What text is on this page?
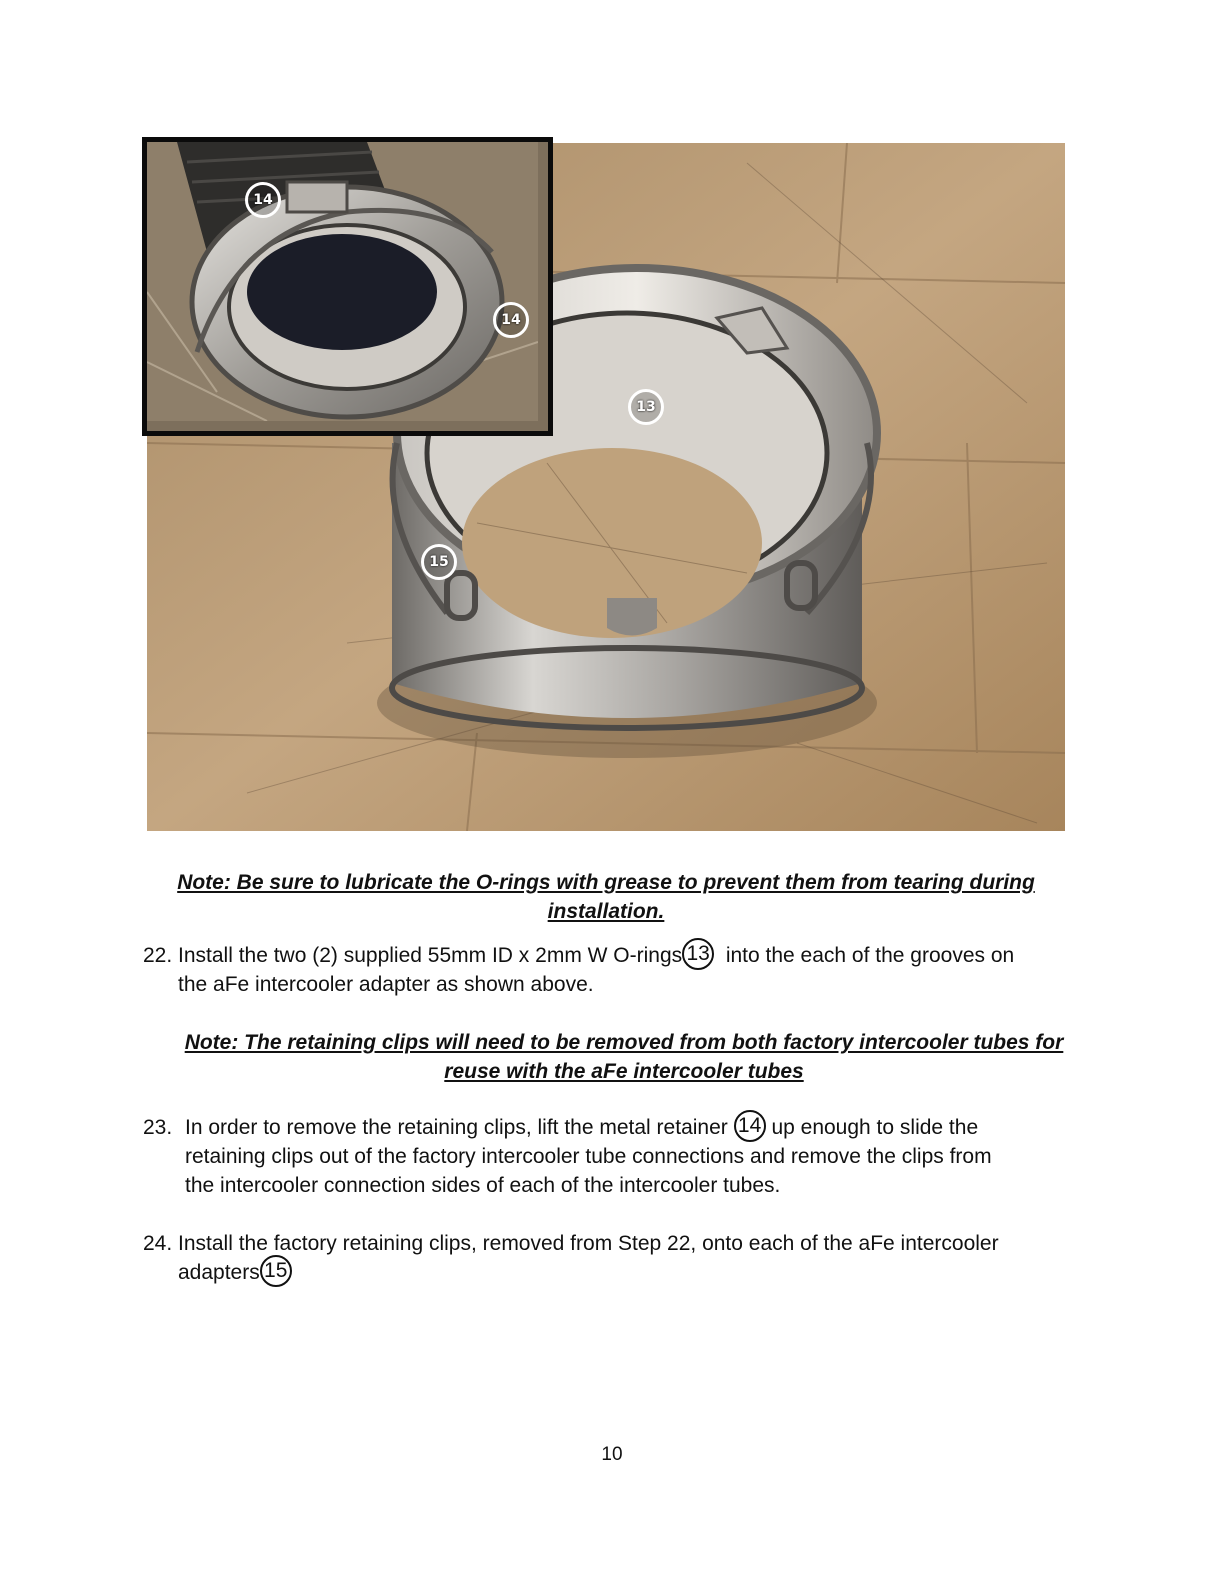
14
14
13
15
Note: Be sure to lubricate the O-rings with grease to prevent them from tearing during
installation.
22. Install the two (2) supplied 55mm ID x 2mm W O-rings 13 into the each of the grooves on
the aFe intercooler adapter as shown above.
Note: The retaining clips will need to be removed from both factory intercooler tubes for
reuse with the aFe intercooler tubes
23. In order to remove the retaining clips, lift the metal retainer 14 up enough to slide the
retaining clips out of the factory intercooler tube connections and remove the clips from
the intercooler connection sides of each of the intercooler tubes.
24. Install the factory retaining clips, removed from Step 22, onto each of the aFe intercooler
adapters 15
10
